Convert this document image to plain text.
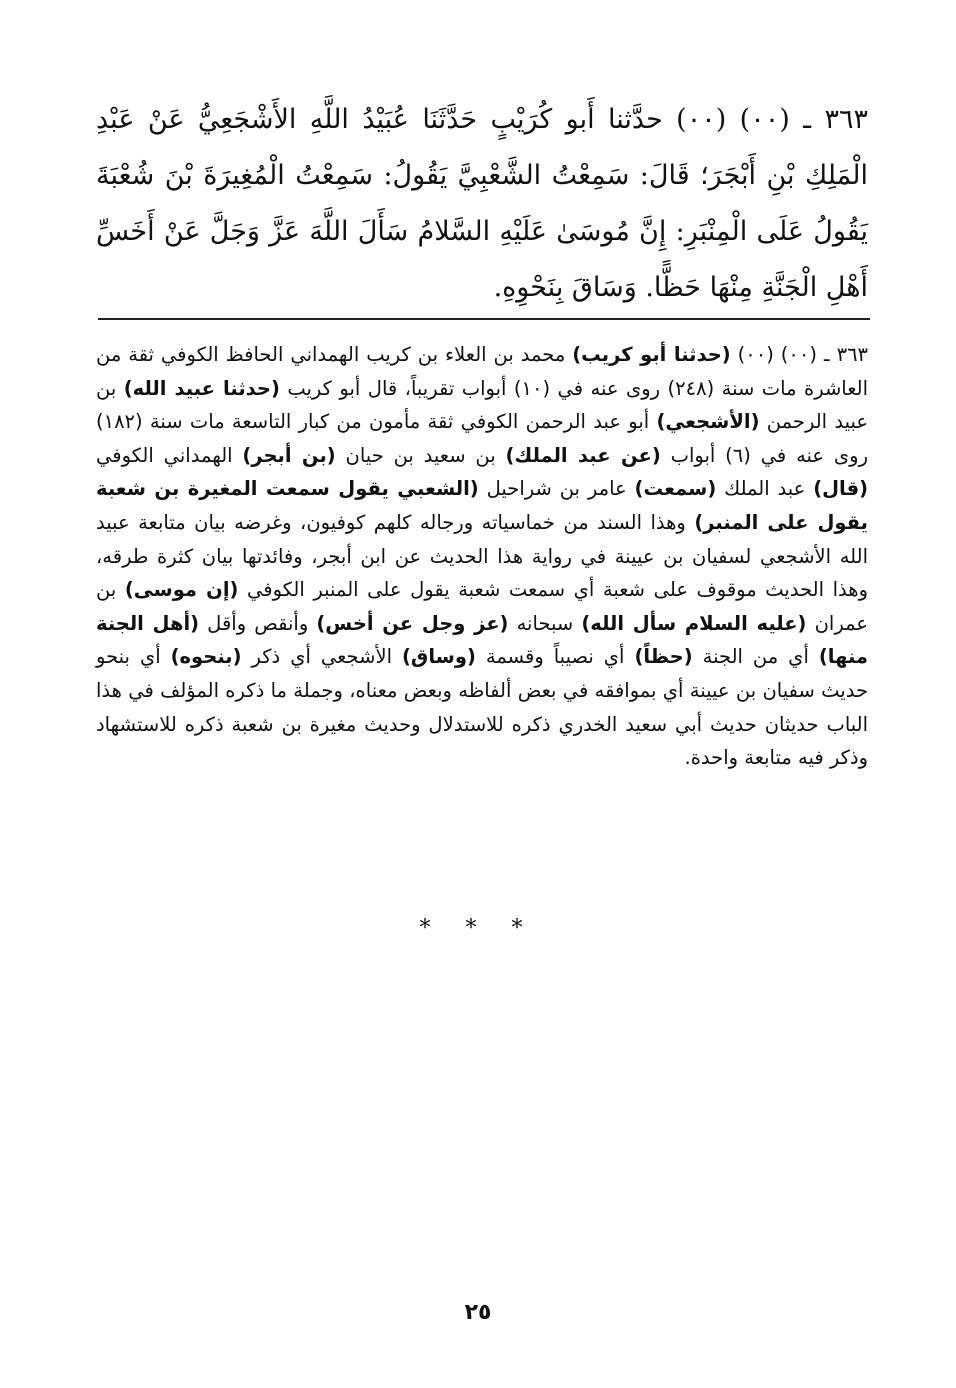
٣٦٣ ـ (٠٠) (٠٠) حدَّثنا أَبو كُرَيْبٍ حَدَّثَنَا عُبَيْدُ اللَّهِ الأَشْجَعِيُّ عَنْ عَبْدِ الْمَلِكِ بْنِ أَبْجَرَ؛ قَالَ: سَمِعْتُ الشَّعْبِيَّ يَقُولُ: سَمِعْتُ الْمُغِيرَةَ بْنَ شُعْبَةَ يَقُولُ عَلَى الْمِنْبَرِ: إِنَّ مُوسَىٰ عَلَيْهِ السَّلامُ سَأَلَ اللَّهَ عَزَّ وَجَلَّ عَنْ أَخَسِّ أَهْلِ الْجَنَّةِ مِنْهَا حَظًّا. وَسَاقَ بِنَحْوِهِ.

٣٦٣ ـ (٠٠) (٠٠) (حدثنا أبو كريب) محمد بن العلاء بن كريب الهمداني الحافظ الكوفي ثقة من العاشرة مات سنة (٢٤٨) روى عنه في (١٠) أبواب تقريباً، قال أبو كريب (حدثنا عبيد الله) بن عبيد الرحمن (الأشجعي) أبو عبد الرحمن الكوفي ثقة مأمون من كبار التاسعة مات سنة (١٨٢) روى عنه في (٦) أبواب (عن عبد الملك) بن سعيد بن حيان (بن أبجر) الهمداني الكوفي (قال) عبد الملك (سمعت) عامر بن شراحيل (الشعبي يقول سمعت المغيرة بن شعبة يقول على المنبر) وهذا السند من خماسياته ورجاله كلهم كوفيون، وغرضه بيان متابعة عبيد الله الأشجعي لسفيان بن عيينة في رواية هذا الحديث عن ابن أبجر، وفائدتها بيان كثرة طرقه، وهذا الحديث موقوف على شعبة أي سمعت شعبة يقول على المنبر الكوفي (إن موسى) بن عمران (عليه السلام سأل الله) سبحانه (عز وجل عن أخس) وأنقص وأقل (أهل الجنة منها) أي من الجنة (حظاً) أي نصيباً وقسمة (وساق) الأشجعي أي ذكر (بنحوه) أي بنحو حديث سفيان بن عيينة أي بموافقه في بعض ألفاظه وبعض معناه، وجملة ما ذكره المؤلف في هذا الباب حديثان حديث أبي سعيد الخدري ذكره للاستدلال وحديث مغيرة بن شعبة ذكره للاستشهاد وذكر فيه متابعة واحدة.

* * *
٢٥
